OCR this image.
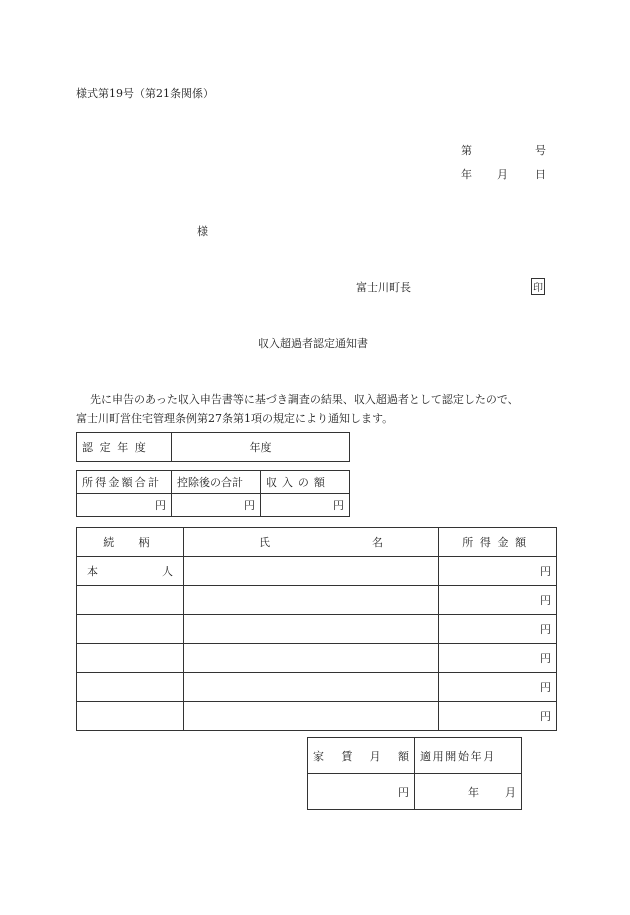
様式第19号（第21条関係）
第	号
年 月 日
様
富士川町長	印
収入超過者認定通知書
先に申告のあった収入申告書等に基づき調査の結果、収入超過者として認定したので、
富士川町営住宅管理条例第27条第1項の規定により通知します。
認定年度	年度
所得金額合計	控除後の合計	収入の額
円	円	円
続柄	氏 名	所得金額
本人		円
		円
		円
		円
		円
		円
家賃月額	適用開始年月
円	年 月
